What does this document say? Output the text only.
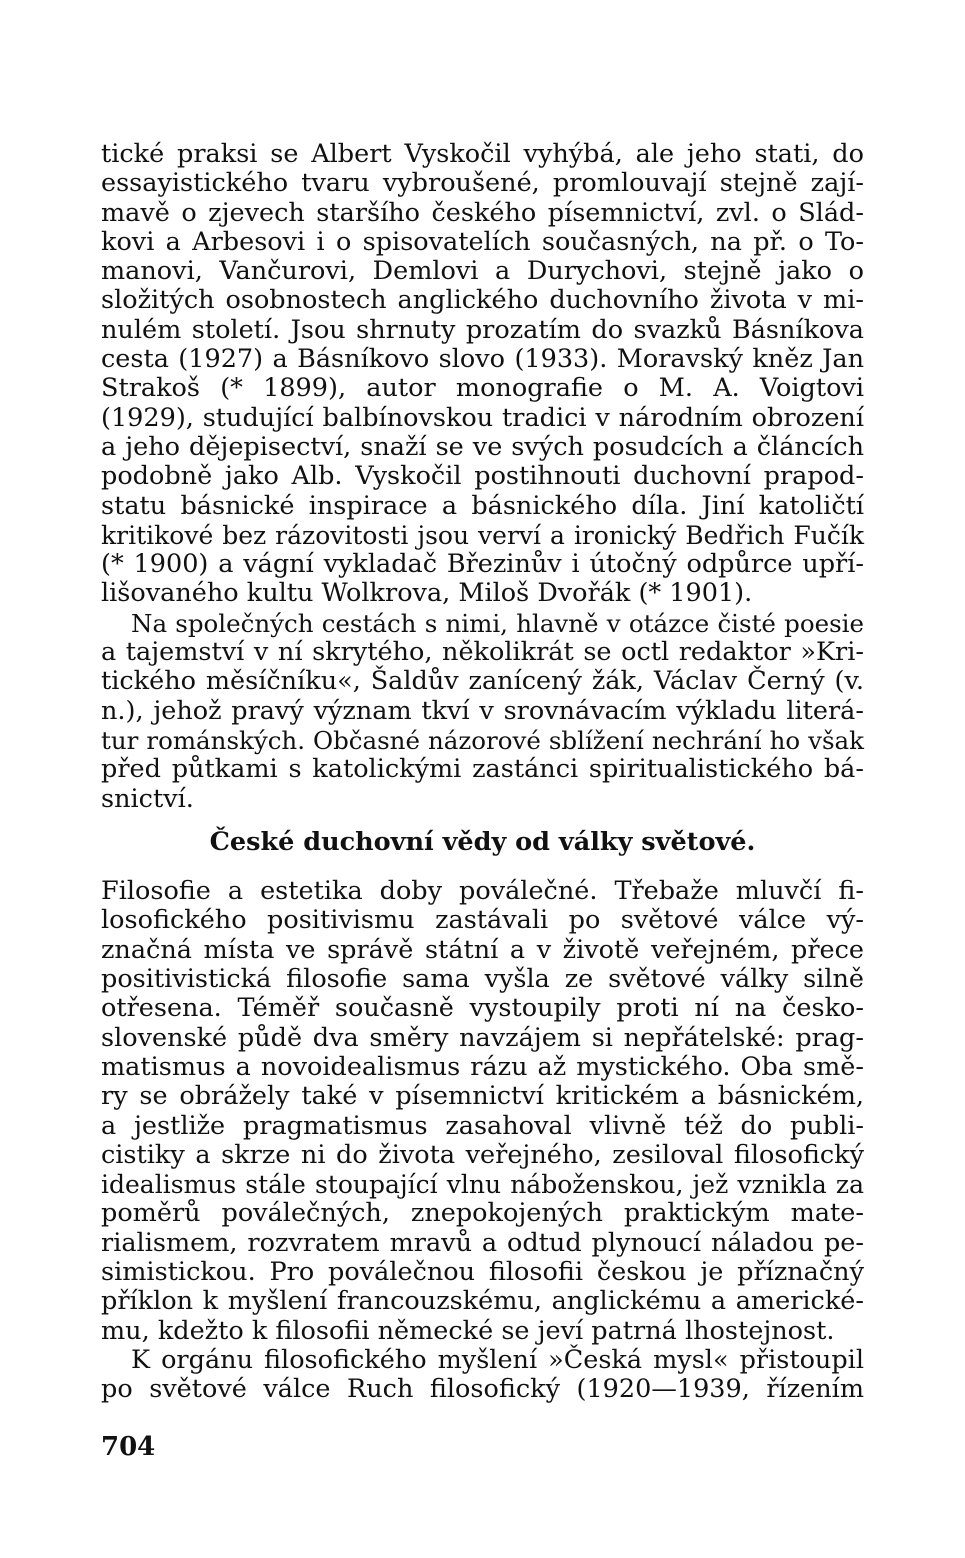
tické praksi se Albert Vyskočil vyhýbá, ale jeho stati, do
essayistického tvaru vybroušené, promlouvají stejně zají-
mavě o zjevech staršího českého písemnictví, zvl. o Slád-
kovi a Arbesovi i o spisovatelích současných, na př. o To-
manovi, Vančurovi, Demlovi a Durychovi, stejně jako o
složitých osobnostech anglického duchovního života v mi-
nulém století. Jsou shrnuty prozatím do svazků Básníkova
cesta (1927) a Básníkovo slovo (1933). Moravský kněz Jan
Strakoš (* 1899), autor monografie o M. A. Voigtovi
(1929), studující balbínovskou tradici v národním obrození
a jeho dějepisectví, snaží se ve svých posudcích a článcích
podobně jako Alb. Vyskočil postihnouti duchovní prapod-
statu básnické inspirace a básnického díla. Jiní katoličtí
kritikové bez rázovitosti jsou verví a ironický Bedřich Fučík
(* 1900) a vágní vykladač Březinův i útočný odpůrce upří-
lišovaného kultu Wolkrova, Miloš Dvořák (* 1901).
Na společných cestách s nimi, hlavně v otázce čisté poesie
a tajemství v ní skrytého, několikrát se octl redaktor »Kri-
tického měsíčníku«, Šaldův zanícený žák, Václav Černý (v.
n.), jehož pravý význam tkví v srovnávacím výkladu literá-
tur románských. Občasné názorové sblížení nechrání ho však
před půtkami s katolickými zastánci spiritualistického bá-
snictví.
České duchovní vědy od války světové.
Filosofie a estetika doby poválečné. Třebaže mluvčí fi-
losofického positivismu zastávali po světové válce vý-
značná místa ve správě státní a v životě veřejném, přece
positivistická filosofie sama vyšla ze světové války silně
otřesena. Téměř současně vystoupily proti ní na česko-
slovenské půdě dva směry navzájem si nepřátelské: prag-
matismus a novoidealismus rázu až mystického. Oba smě-
ry se obrážely také v písemnictví kritickém a básnickém,
a jestliže pragmatismus zasahoval vlivně též do publi-
cistiky a skrze ni do života veřejného, zesiloval filosofický
idealismus stále stoupající vlnu náboženskou, jež vznikla za
poměrů poválečných, znepokojených praktickým mate-
rialismem, rozvratem mravů a odtud plynoucí náladou pe-
simistickou. Pro poválečnou filosofii českou je příznačný
příklon k myšlení francouzskému, anglickému a americké-
mu, kdežto k filosofii německé se jeví patrná lhostejnost.
K orgánu filosofického myšlení »Česká mysl« přistoupil
po světové válce Ruch filosofický (1920—1939, řízením
704
